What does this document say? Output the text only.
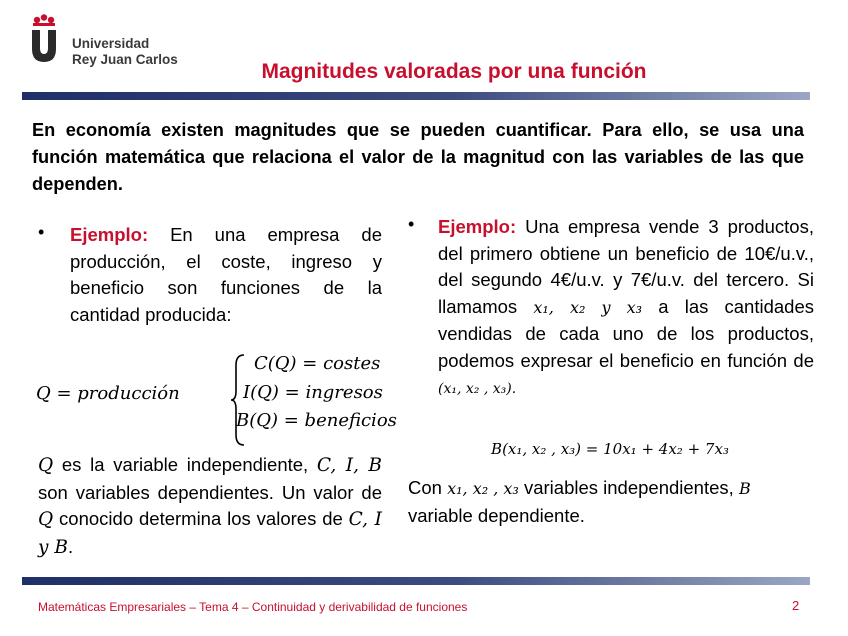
Universidad
Rey Juan Carlos
Magnitudes valoradas por una función
En economía existen magnitudes que se pueden cuantificar. Para ello, se usa una función matemática que relaciona el valor de la magnitud con las variables de las que dependen.
• Ejemplo: En una empresa de producción, el coste, ingreso y beneficio son funciones de la cantidad producida:
Q = producción
C(Q) = costes
I(Q) = ingresos
B(Q) = beneficios
Q es la variable independiente, C, I, B son variables dependientes. Un valor de Q conocido determina los valores de C, I y B.
• Ejemplo: Una empresa vende 3 productos, del primero obtiene un beneficio de 10€/u.v., del segundo 4€/u.v. y 7€/u.v. del tercero. Si llamamos x₁, x₂ y x₃ a las cantidades vendidas de cada uno de los productos, podemos expresar el beneficio en función de (x₁, x₂ , x₃).
B(x₁, x₂ , x₃) = 10x₁ + 4x₂ + 7x₃
Con x₁, x₂ , x₃ variables independientes, B
variable dependiente.
Matemáticas Empresariales – Tema 4 – Continuidad y derivabilidad de funciones	2
